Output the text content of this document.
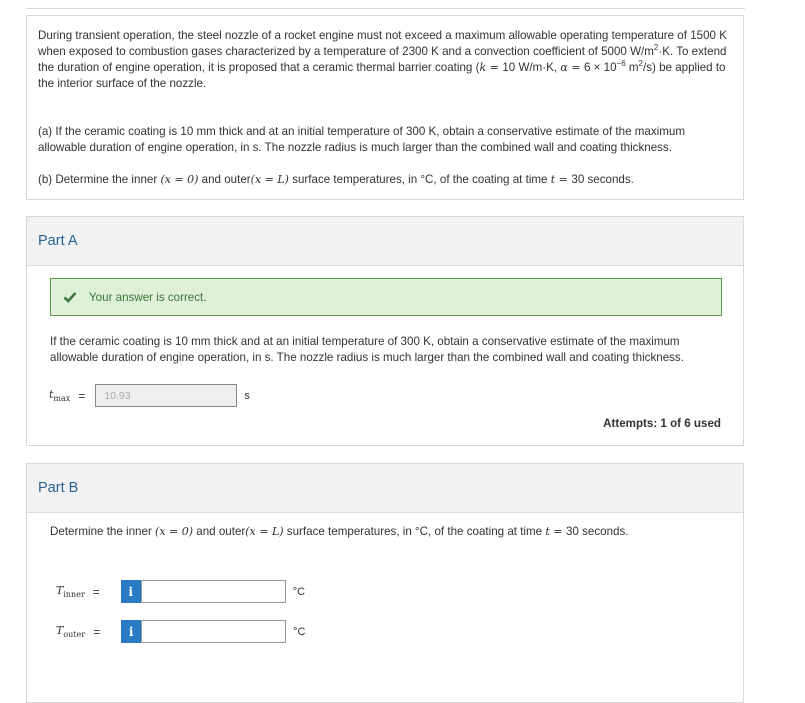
During transient operation, the steel nozzle of a rocket engine must not exceed a maximum allowable operating temperature of 1500 K when exposed to combustion gases characterized by a temperature of 2300 K and a convection coefficient of 5000 $W/m^2\cdot K$. To extend the duration of engine operation, it is proposed that a ceramic thermal barrier coating (k = 10 W/m·K, $\alpha = 6 \times 10^{-6}$ $m^2/s$) be applied to the interior surface of the nozzle.

(a) If the ceramic coating is 10 mm thick and at an initial temperature of 300 K, obtain a conservative estimate of the maximum allowable duration of engine operation, in s. The nozzle radius is much larger than the combined wall and coating thickness.

(b) Determine the inner (x = 0) and outer(x = L) surface temperatures, in °C, of the coating at time t = 30 seconds.

Part A
Your answer is correct.
If the ceramic coating is 10 mm thick and at an initial temperature of 300 K, obtain a conservative estimate of the maximum allowable duration of engine operation, in s. The nozzle radius is much larger than the combined wall and coating thickness.
$t_{max}$ =	10.93	s
Attempts: 1 of 6 used
Part B
Determine the inner (x = 0) and outer(x = L) surface temperatures, in °C, of the coating at time t = 30 seconds.
$T_{inner} = i$	°C
$T_{outer} = i$	°C
